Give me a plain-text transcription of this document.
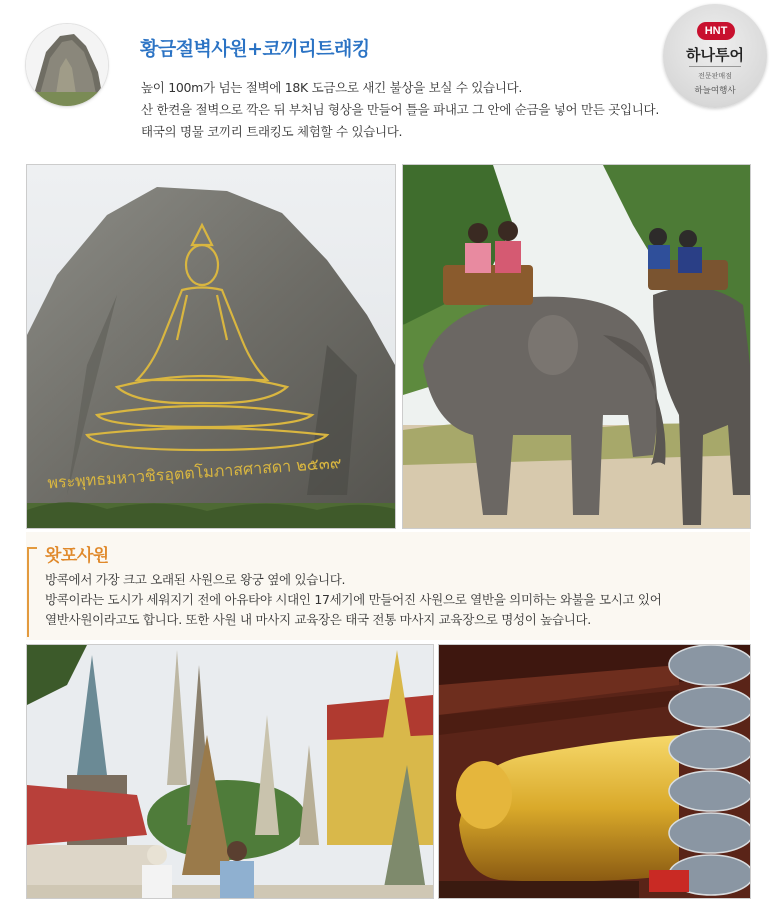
황금절벽사원+코끼리트래킹
높이 100m가 넘는 절벽에 18K 도금으로 새긴 불상을 보실 수 있습니다.
산 한켠을 절벽으로 깍은 뒤 부처님 형상을 만들어 틀을 파내고 그 안에 순금을 넣어 만든 곳입니다.
태국의 명물 코끼리 트래킹도 체험할 수 있습니다.
HNT
하나투어
전문판매점
하늘여행사
พระพุทธมหาวชิรอุตตโมภาสศาสดา ๒๕๓๙
왓포사원
방콕에서 가장 크고 오래된 사원으로 왕궁 옆에 있습니다.
방콕이라는 도시가 세워지기 전에 아유타야 시대인 17세기에 만들어진 사원으로 열반을 의미하는 와불을 모시고 있어
열반사원이라고도 합니다. 또한 사원 내 마사지 교육장은 태국 전통 마사지 교육장으로 명성이 높습니다.
